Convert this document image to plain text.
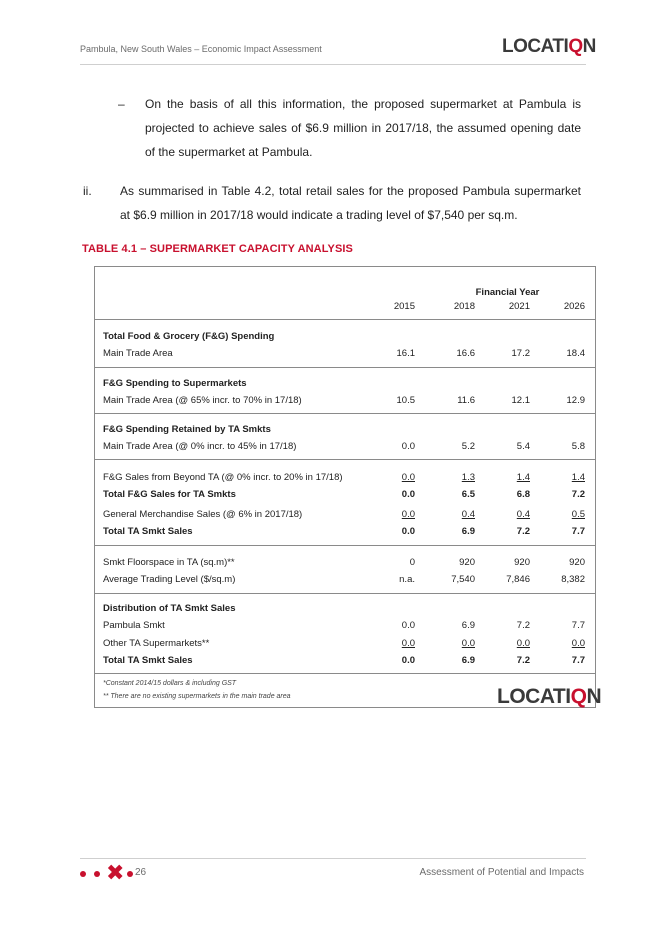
Pambula, New South Wales – Economic Impact Assessment	LOCATIQN
– On the basis of all this information, the proposed supermarket at Pambula is projected to achieve sales of $6.9 million in 2017/18, the assumed opening date of the supermarket at Pambula.
ii. As summarised in Table 4.2, total retail sales for the proposed Pambula supermarket at $6.9 million in 2017/18 would indicate a trading level of $7,540 per sq.m.
TABLE 4.1 – SUPERMARKET CAPACITY ANALYSIS
Financial Year
2015	2018	2021	2026
Total Food & Grocery (F&G) Spending
Main Trade Area	16.1	16.6	17.2	18.4
F&G Spending to Supermarkets
Main Trade Area (@ 65% incr. to 70% in 17/18)	10.5	11.6	12.1	12.9
F&G Spending Retained by TA Smkts
Main Trade Area (@ 0% incr. to 45% in 17/18)	0.0	5.2	5.4	5.8
F&G Sales from Beyond TA (@ 0% incr. to 20% in 17/18)	0.0	1.3	1.4	1.4
Total F&G Sales for TA Smkts	0.0	6.5	6.8	7.2
General Merchandise Sales (@ 6% in 2017/18)	0.0	0.4	0.4	0.5
Total TA Smkt Sales	0.0	6.9	7.2	7.7
Smkt Floorspace in TA (sq.m)**	0	920	920	920
Average Trading Level ($/sq.m)	n.a.	7,540	7,846	8,382
Distribution of TA Smkt Sales
Pambula Smkt	0.0	6.9	7.2	7.7
Other TA Supermarkets**	0.0	0.0	0.0	0.0
Total TA Smkt Sales	0.0	6.9	7.2	7.7
*Constant 2014/15 dollars & including GST
** There are no existing supermarkets in the main trade area	LOCATIQN
✖ 26	Assessment of Potential and Impacts
